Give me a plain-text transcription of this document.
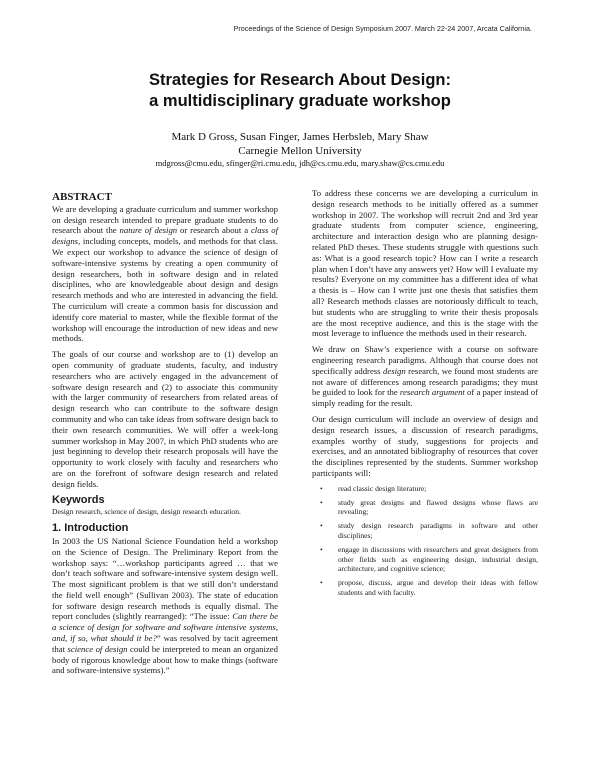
Proceedings of the Science of Design Symposium 2007. March 22-24 2007, Arcata California.
Strategies for Research About Design:
a multidisciplinary graduate workshop
Mark D Gross, Susan Finger, James Herbsleb, Mary Shaw
Carnegie Mellon University
mdgross@cmu.edu, sfinger@ri.cmu.edu, jdh@cs.cmu.edu, mary.shaw@cs.cmu.edu
ABSTRACT

We are developing a graduate curriculum and summer workshop on design research intended to prepare graduate students to do research about the nature of design or research about a class of designs, including concepts, models, and methods for that class. We expect our workshop to advance the science of design of software-intensive systems by creating a open community of design researchers, both in software design and in related disciplines, who are knowledgeable about design and design research methods and who are interested in advancing the field. The curriculum will create a common basis for discussion and identify core material to master, while the flexible format of the workshop will encourage the introduction of new ideas and new methods.

The goals of our course and workshop are to (1) develop an open community of graduate students, faculty, and industry researchers who are actively engaged in the advancement of software design research and (2) to associate this community with the larger community of researchers from related areas of design research who can contribute to the software design community and who can take ideas from software design back to their own research communities. We will offer a week-long summer workshop in May 2007, in which PhD students who are just beginning to develop their research proposals will have the opportunity to work closely with faculty and researchers who are on the forefront of software design research and related design fields.

Keywords

Design research, science of design, design research education.

1. Introduction

In 2003 the US National Science Foundation held a workshop on the Science of Design. The Preliminary Report from the workshop says: “…workshop participants agreed … that we don’t teach software and software-intensive system design well. The most significant problem is that we still don’t understand the field well enough” (Sullivan 2003). The state of education for software design research methods is equally dismal. The report concludes (slightly rearranged): “The issue: Can there be a science of design for software and software intensive systems, and, if so, what should it be?” was resolved by tacit agreement that science of design could be interpreted to mean an organized body of rigorous knowledge about how to make things (software and software-intensive systems).”

To address these concerns we are developing a curriculum in design research methods to be initially offered as a summer workshop in 2007. The workshop will recruit 2nd and 3rd year graduate students from computer science, engineering, architecture and interaction design who are planning design-related PhD theses. These students struggle with questions such as: What is a good research topic? How can I write a research plan when I don’t have any answers yet? How will I evaluate my results? Everyone on my committee has a different idea of what a thesis is – How can I write just one thesis that satisfies them all? Research methods classes are notoriously difficult to teach, but students who are struggling to write their thesis proposals are the most receptive audience, and this is the stage with the most leverage to influence the methods used in their research.

We draw on Shaw’s experience with a course on software engineering research paradigms. Although that course does not specifically address design research, we found most students are not aware of differences among research paradigms; they must be guided to look for the research argument of a paper instead of simply reading for the result.

Our design curriculum will include an overview of design and design research issues, a discussion of research paradigms, examples worthy of study, suggestions for projects and exercises, and an annotated bibliography of resources that cover the disciplines represented by the students. Summer workshop participants will:

• read classic design literature;
• study great designs and flawed designs whose flaws are revealing;
• study design research paradigms in software and other disciplines;
• engage in discussions with researchers and great designers from other fields such as engineering design, industrial design, architecture, and cognitive science;
• propose, discuss, argue and develop their ideas with fellow students and with faculty.
